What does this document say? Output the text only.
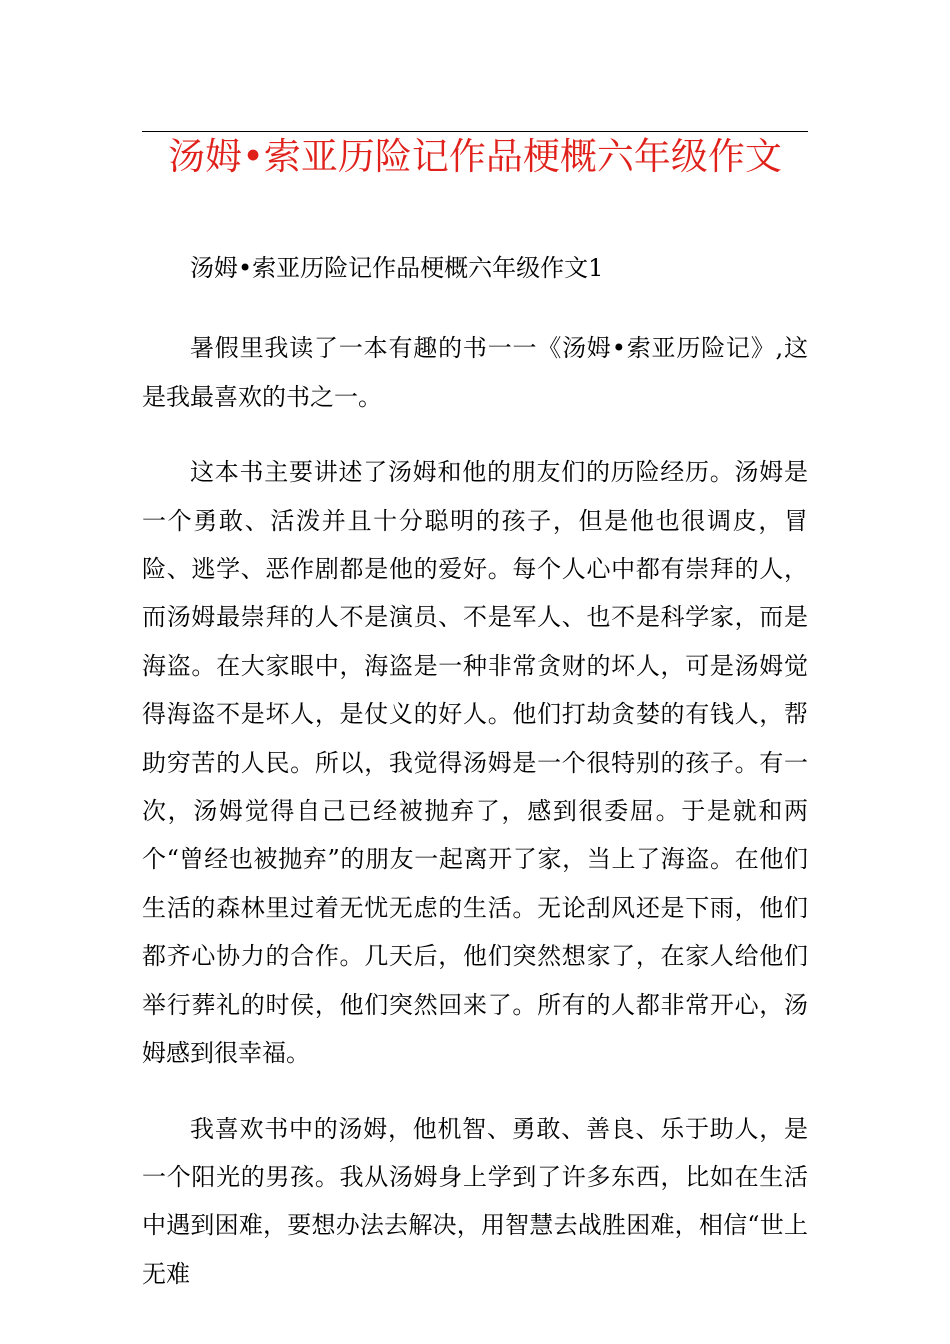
汤姆•索亚历险记作品梗概六年级作文

汤姆•索亚历险记作品梗概六年级作文1

暑假里我读了一本有趣的书一一《汤姆•索亚历险记》,这是我最喜欢的书之一。

这本书主要讲述了汤姆和他的朋友们的历险经历。汤姆是一个勇敢、活泼并且十分聪明的孩子，但是他也很调皮，冒险、逃学、恶作剧都是他的爱好。每个人心中都有崇拜的人，而汤姆最崇拜的人不是演员、不是军人、也不是科学家，而是海盗。在大家眼中，海盗是一种非常贪财的坏人，可是汤姆觉得海盗不是坏人，是仗义的好人。他们打劫贪婪的有钱人，帮助穷苦的人民。所以，我觉得汤姆是一个很特别的孩子。有一次，汤姆觉得自己已经被抛弃了，感到很委屈。于是就和两个“曾经也被抛弃”的朋友一起离开了家，当上了海盗。在他们生活的森林里过着无忧无虑的生活。无论刮风还是下雨，他们都齐心协力的合作。几天后，他们突然想家了，在家人给他们举行葬礼的时侯，他们突然回来了。所有的人都非常开心，汤姆感到很幸福。

我喜欢书中的汤姆，他机智、勇敢、善良、乐于助人，是一个阳光的男孩。我从汤姆身上学到了许多东西，比如在生活中遇到困难，要想办法去解决，用智慧去战胜困难，相信“世上无难
